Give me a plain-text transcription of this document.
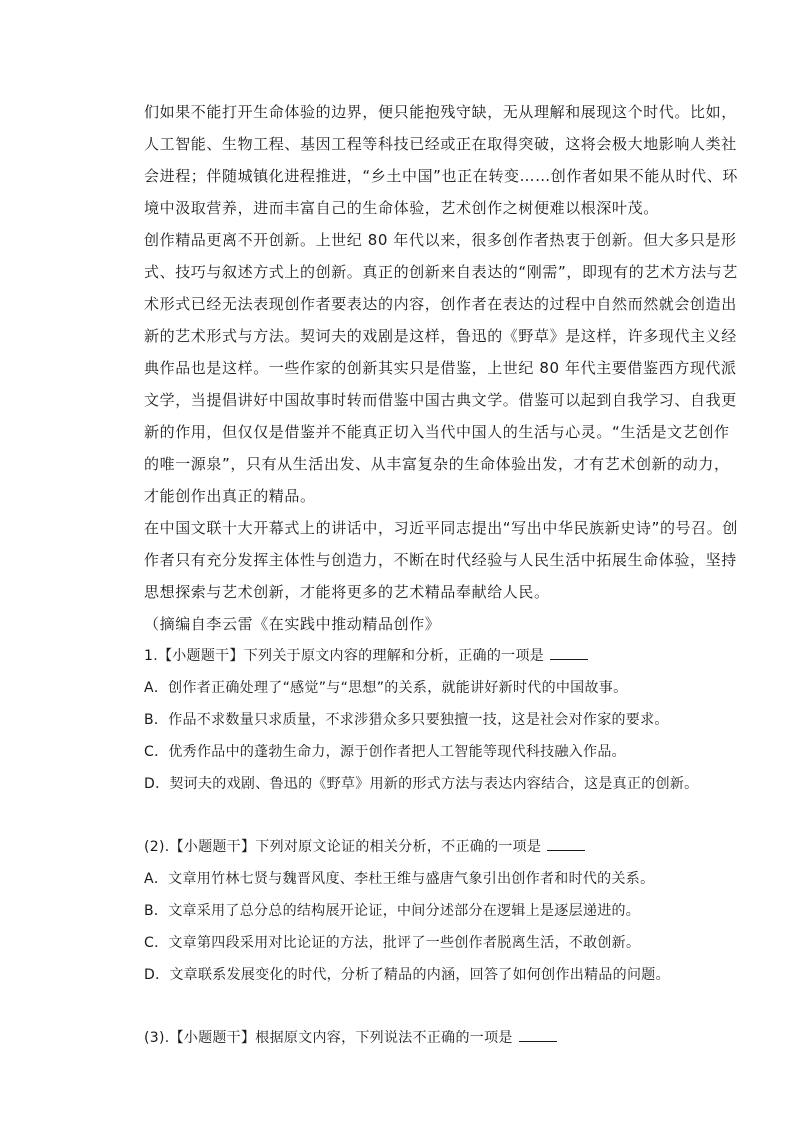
们如果不能打开生命体验的边界，便只能抱残守缺，无从理解和展现这个时代。比如，
人工智能、生物工程、基因工程等科技已经或正在取得突破，这将会极大地影响人类社
会进程；伴随城镇化进程推进，“乡土中国”也正在转变……创作者如果不能从时代、环
境中汲取营养，进而丰富自己的生命体验，艺术创作之树便难以根深叶茂。
创作精品更离不开创新。上世纪 80 年代以来，很多创作者热衷于创新。但大多只是形
式、技巧与叙述方式上的创新。真正的创新来自表达的“刚需”，即现有的艺术方法与艺
术形式已经无法表现创作者要表达的内容，创作者在表达的过程中自然而然就会创造出
新的艺术形式与方法。契诃夫的戏剧是这样，鲁迅的《野草》是这样，许多现代主义经
典作品也是这样。一些作家的创新其实只是借鉴，上世纪 80 年代主要借鉴西方现代派
文学，当提倡讲好中国故事时转而借鉴中国古典文学。借鉴可以起到自我学习、自我更
新的作用，但仅仅是借鉴并不能真正切入当代中国人的生活与心灵。“生活是文艺创作
的唯一源泉”，只有从生活出发、从丰富复杂的生命体验出发，才有艺术创新的动力，
才能创作出真正的精品。
在中国文联十大开幕式上的讲话中，习近平同志提出“写出中华民族新史诗”的号召。创
作者只有充分发挥主体性与创造力，不断在时代经验与人民生活中拓展生命体验，坚持
思想探索与艺术创新，才能将更多的艺术精品奉献给人民。
（摘编自李云雷《在实践中推动精品创作》
1.【小题题干】下列关于原文内容的理解和分析，正确的一项是
A．创作者正确处理了“感觉”与“思想”的关系，就能讲好新时代的中国故事。
B．作品不求数量只求质量，不求涉猎众多只要独擅一技，这是社会对作家的要求。
C．优秀作品中的蓬勃生命力，源于创作者把人工智能等现代科技融入作品。
D．契诃夫的戏剧、鲁迅的《野草》用新的形式方法与表达内容结合，这是真正的创新。
(2).【小题题干】下列对原文论证的相关分析，不正确的一项是
A．文章用竹林七贤与魏晋风度、李杜王维与盛唐气象引出创作者和时代的关系。
B．文章采用了总分总的结构展开论证，中间分述部分在逻辑上是逐层递进的。
C．文章第四段采用对比论证的方法，批评了一些创作者脱离生活，不敢创新。
D．文章联系发展变化的时代，分析了精品的内涵，回答了如何创作出精品的问题。
(3).【小题题干】根据原文内容，下列说法不正确的一项是
